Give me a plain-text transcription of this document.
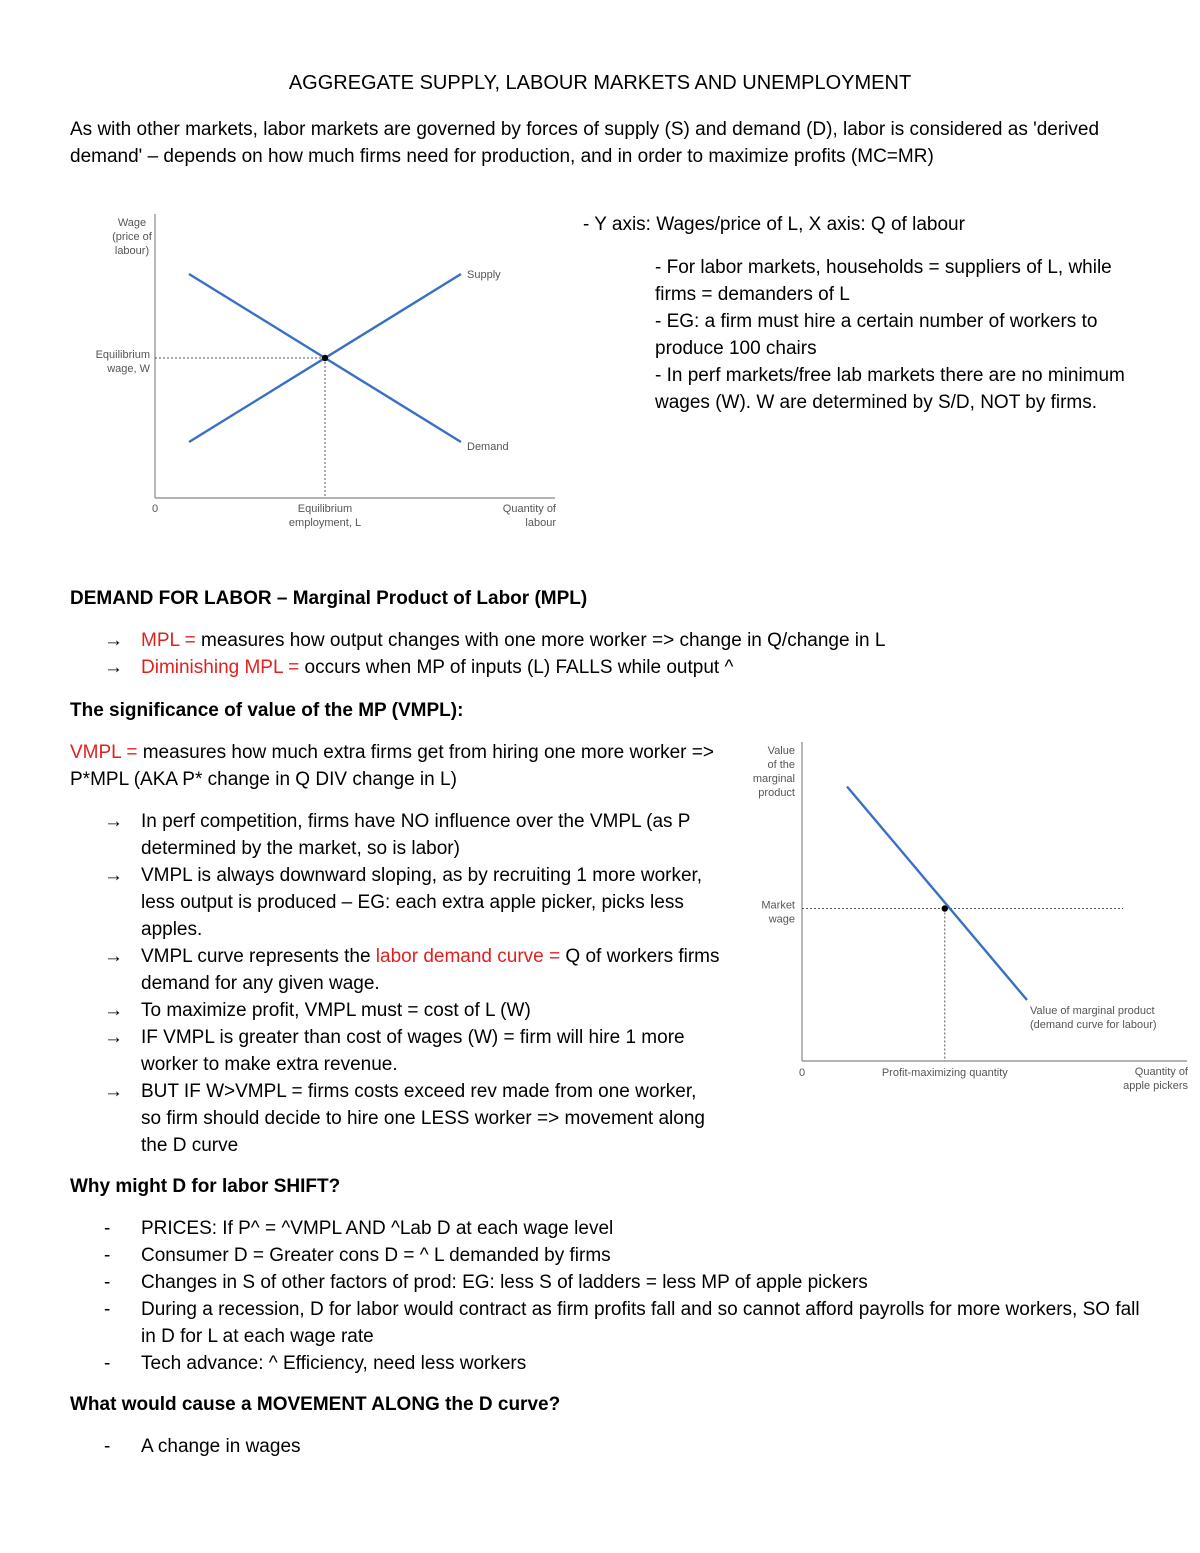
AGGREGATE SUPPLY, LABOUR MARKETS AND UNEMPLOYMENT
As with other markets, labor markets are governed by forces of supply (S) and demand (D), labor is considered as 'derived demand' – depends on how much firms need for production, and in order to maximize profits (MC=MR)
Wage
(price of
labour)
Quantity of
labour
0
Supply
Demand
Equilibrium
wage, W
Equilibrium
employment, L
- Y axis: Wages/price of L, X axis: Q of labour
- For labor markets, households = suppliers of L, while firms = demanders of L
- EG: a firm must hire a certain number of workers to produce 100 chairs
- In perf markets/free lab markets there are no minimum wages (W). W are determined by S/D, NOT by firms.
DEMAND FOR LABOR – Marginal Product of Labor (MPL)
→ MPL = measures how output changes with one more worker => change in Q/change in L
→ Diminishing MPL = occurs when MP of inputs (L) FALLS while output ^
The significance of value of the MP (VMPL):
VMPL = measures how much extra firms get from hiring one more worker => P*MPL (AKA P* change in Q DIV change in L)
→ In perf competition, firms have NO influence over the VMPL (as P determined by the market, so is labor)
→ VMPL is always downward sloping, as by recruiting 1 more worker, less output is produced – EG: each extra apple picker, picks less apples.
→ VMPL curve represents the labor demand curve = Q of workers firms demand for any given wage.
→ To maximize profit, VMPL must = cost of L (W)
→ IF VMPL is greater than cost of wages (W) = firm will hire 1 more worker to make extra revenue.
→ BUT IF W>VMPL = firms costs exceed rev made from one worker, so firm should decide to hire one LESS worker => movement along the D curve
Value
of the
marginal
product
Quantity of
apple pickers
0
Market
wage
Profit-maximizing quantity
Value of marginal product
(demand curve for labour)
Why might D for labor SHIFT?
- PRICES: If P^ = ^VMPL AND ^Lab D at each wage level
- Consumer D = Greater cons D = ^ L demanded by firms
- Changes in S of other factors of prod: EG: less S of ladders = less MP of apple pickers
- During a recession, D for labor would contract as firm profits fall and so cannot afford payrolls for more workers, SO fall in D for L at each wage rate
- Tech advance: ^ Efficiency, need less workers
What would cause a MOVEMENT ALONG the D curve?
- A change in wages
